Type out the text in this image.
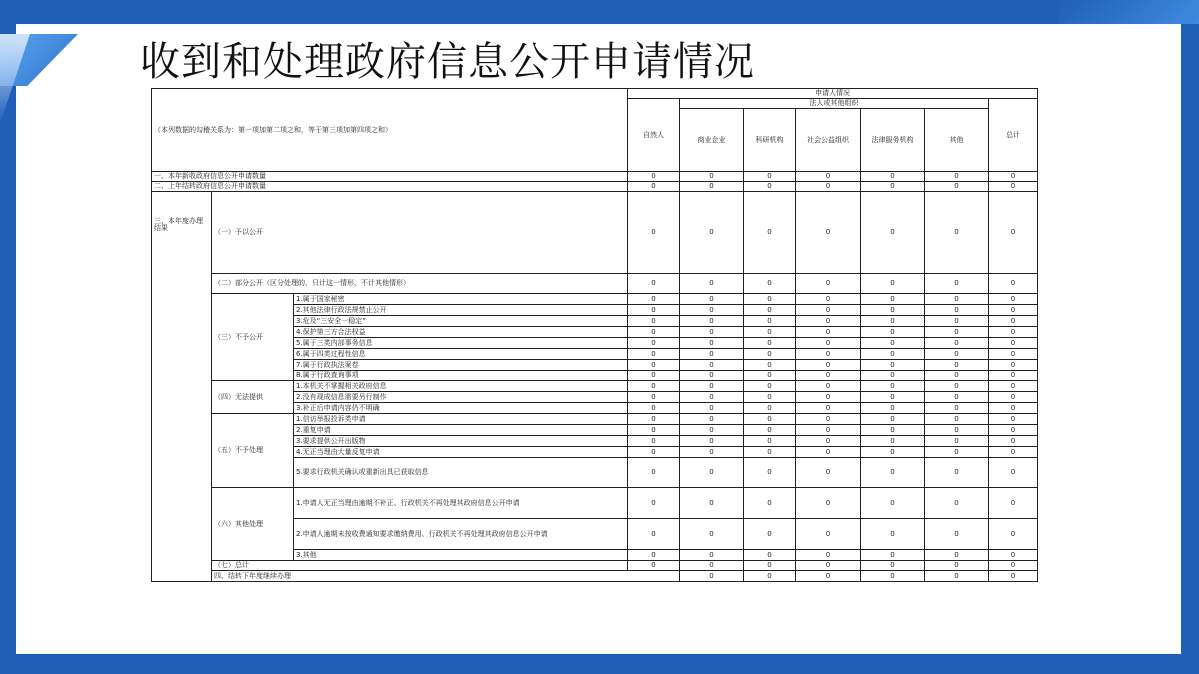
收到和处理政府信息公开申请情况
（本列数据的勾稽关系为：第一项加第二项之和，等于第三项加第四项之和）			申请人情况							
			自然人	法人或其他组织					总计	
				商业企业	科研机构	社会公益组织	法律服务机构	其他		
一、本年新收政府信息公开申请数量			0	0	0	0	0	0	0	
二、上年结转政府信息公开申请数量			0	0	0	0	0	0	0	
三、本年度办理结果	（一）予以公开		0	0	0	0	0	0	0	
	（二）部分公开（区分处理的，只计这一情形，不计其他情形）		0	0	0	0	0	0	0	
	（三）不予公开	1.属于国家秘密	0	0	0	0	0	0	0	
		2.其他法律行政法规禁止公开	0	0	0	0	0	0	0	
		3.危及“三安全一稳定”	0	0	0	0	0	0	0	
		4.保护第三方合法权益	0	0	0	0	0	0	0	
		5.属于三类内部事务信息	0	0	0	0	0	0	0	
		6.属于四类过程性信息	0	0	0	0	0	0	0	
		7.属于行政执法案卷	0	0	0	0	0	0	0	
		8.属于行政查询事项	0	0	0	0	0	0	0	
	（四）无法提供	1.本机关不掌握相关政府信息	0	0	0	0	0	0	0	
		2.没有现成信息需要另行制作	0	0	0	0	0	0	0	
		3.补正后申请内容仍不明确	0	0	0	0	0	0	0	
	（五）不予处理	1.信访举报投诉类申请	0	0	0	0	0	0	0	
		2.重复申请	0	0	0	0	0	0	0	
		3.要求提供公开出版物	0	0	0	0	0	0	0	
		4.无正当理由大量反复申请	0	0	0	0	0	0	0	
		5.要求行政机关确认或重新出具已获取信息	0	0	0	0	0	0	0	
	（六）其他处理	1.申请人无正当理由逾期不补正、行政机关不再处理其政府信息公开申请	0	0	0	0	0	0	0	
		2.申请人逾期未按收费通知要求缴纳费用、行政机关不再处理其政府信息公开申请	0	0	0	0	0	0	0	
		3.其他	0	0	0	0	0	0	0	
	（七）总计		0	0	0	0	0	0	0	
	四、结转下年度继续办理			0	0	0	0	0	0	
